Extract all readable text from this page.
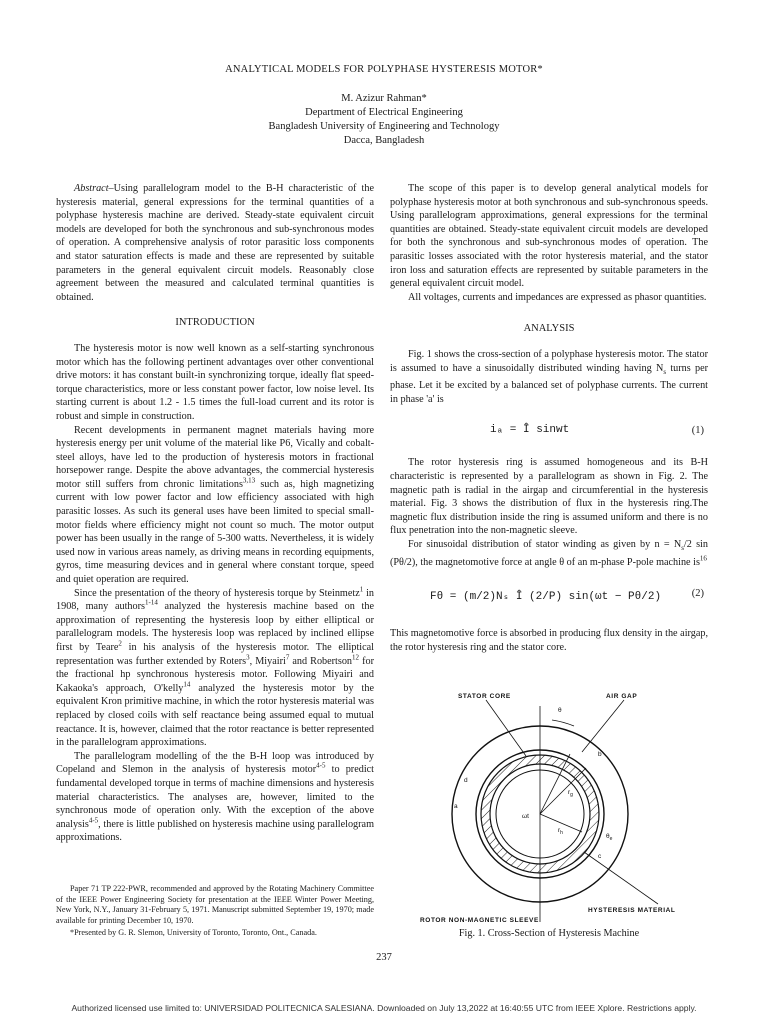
ANALYTICAL MODELS FOR POLYPHASE HYSTERESIS MOTOR*
M. Azizur Rahman*
Department of Electrical Engineering
Bangladesh University of Engineering and Technology
Dacca, Bangladesh

Abstract–Using parallelogram model to the B-H characteristic of the hysteresis material, general expressions for the terminal quantities of a polyphase hysteresis machine are derived. Steady-state equivalent circuit models are developed for both the synchronous and sub-synchronous modes of operation. A comprehensive analysis of rotor parasitic loss components and stator saturation effects is made and these are represented by suitable parameters in the general equivalent circuit models. Reasonably close agreement between the measured and calculated terminal quantities is obtained.

INTRODUCTION

The hysteresis motor is now well known as a self-starting synchronous motor which has the following pertinent advantages over other conventional drive motors: it has constant built-in synchronizing torque, ideally flat speed-torque characteristics, more or less constant power factor, low noise level. Its starting current is about 1.2 - 1.5 times the full-load current and its rotor is robust and simple in construction.

Recent developments in permanent magnet materials having more hysteresis energy per unit volume of the material like P6, Vically and cobalt-steel alloys, have led to the production of hysteresis motors in fractional horsepower range. Despite the above advantages, the commercial hysteresis motor still suffers from chronic limitations$^{3,13}$ such as, high magnetizing current with low power factor and low efficiency associated with high parasitic losses. As such its general uses have been limited to special small-motor fields where efficiency might not count so much. The motor output power has been usually in the range of 5-300 watts. Nevertheless, it is widely used now in various areas namely, as driving means in recording equipments, gyros, time measuring devices and in general where constant torque, speed and quiet operation are required.

Since the presentation of the theory of hysteresis torque by Steinmetz$^1$ in 1908, many authors$^{1-14}$ analyzed the hysteresis machine based on the approximation of representing the hysteresis loop by either elliptical or parallelogram models. The hysteresis loop was replaced by inclined ellipse first by Teare$^2$ in his analysis of the hysteresis motor. The elliptical representation was further extended by Roters$^3$, Miyairi$^7$ and Robertson$^{12}$ for the fractional hp synchronous hysteresis motor. Following Miyairi and Kakaoka's approach, O'kelly$^{14}$ analyzed the hysteresis motor by the equivalent Kron primitive machine, in which the rotor hysteresis material was replaced by closed coils with self reactance being assumed equal to mutual reactance. It is, however, claimed that the rotor reactance is better represented in the parallelogram approximations.

The parallelogram modelling of the the B-H loop was introduced by Copeland and Slemon in the analysis of hysteresis motor$^{4-5}$ to predict fundamental developed torque in terms of machine dimensions and hysteresis material characteristics. The analyses are, however, limited to the synchronous mode of operation only. With the exception of the above analysis$^{4-5}$, there is little published on hysteresis machine using parallelogram approximations.

The scope of this paper is to develop general analytical models for polyphase hysteresis motor at both synchronous and sub-synchronous speeds. Using parallelogram approximations, general expressions for the terminal quantities are obtained. Steady-state equivalent circuit models are developed for both the synchronous and sub-synchronous modes of operation. The parasitic losses associated with the rotor hysteresis material, and the stator iron loss and saturation effects are represented by suitable parameters in the general equivalent circuit model.

All voltages, currents and impedances are expressed as phasor quantities.

ANALYSIS

Fig. 1 shows the cross-section of a polyphase hysteresis motor. The stator is assumed to have a sinusoidally distributed winding having $N_s$ turns per phase. Let it be excited by a balanced set of polyphase currents. The current in phase 'a' is

iₐ = Î sinwt	(1)

The rotor hysteresis ring is assumed homogeneous and its B-H characteristic is represented by a parallelogram as shown in Fig. 2. The magnetic path is radial in the airgap and circumferential in the hysteresis material. Fig. 3 shows the distribution of flux in the hysteresis ring.The magnetic flux distribution inside the ring is assumed uniform and there is no flux penetration into the non-magnetic sleeve.

For sinusoidal distribution of stator winding as given by $n = N_s/2$ sin (Pθ/2), the magnetomotive force at angle θ of an m-phase P-pole machine $is^{16}$

Fθ = (m/2)Nₛ Î (2/P) sin(ωt − Pθ/2)	(2)

This magnetomotive force is absorbed in producing flux density in the airgap, the rotor hysteresis ring and the stator core.

STATOR CORE	AIR GAP
θ
a
b
c
d
ωt
$r_g$
$r_h$	$\theta_e$
HYSTERESIS MATERIAL
ROTOR NON-MAGNETIC SLEEVE
Fig. 1. Cross-Section of Hysteresis Machine

Paper 71 TP 222-PWR, recommended and approved by the Rotating Machinery Committee of the IEEE Power Engineering Society for presentation at the IEEE Winter Power Meeting, New York, N.Y., January 31-February 5, 1971. Manuscript submitted September 19, 1970; made available for printing December 10, 1970.

*Presented by G. R. Slemon, University of Toronto, Toronto, Ont., Canada.

237
Authorized licensed use limited to: UNIVERSIDAD POLITECNICA SALESIANA. Downloaded on July 13,2022 at 16:40:55 UTC from IEEE Xplore. Restrictions apply.
